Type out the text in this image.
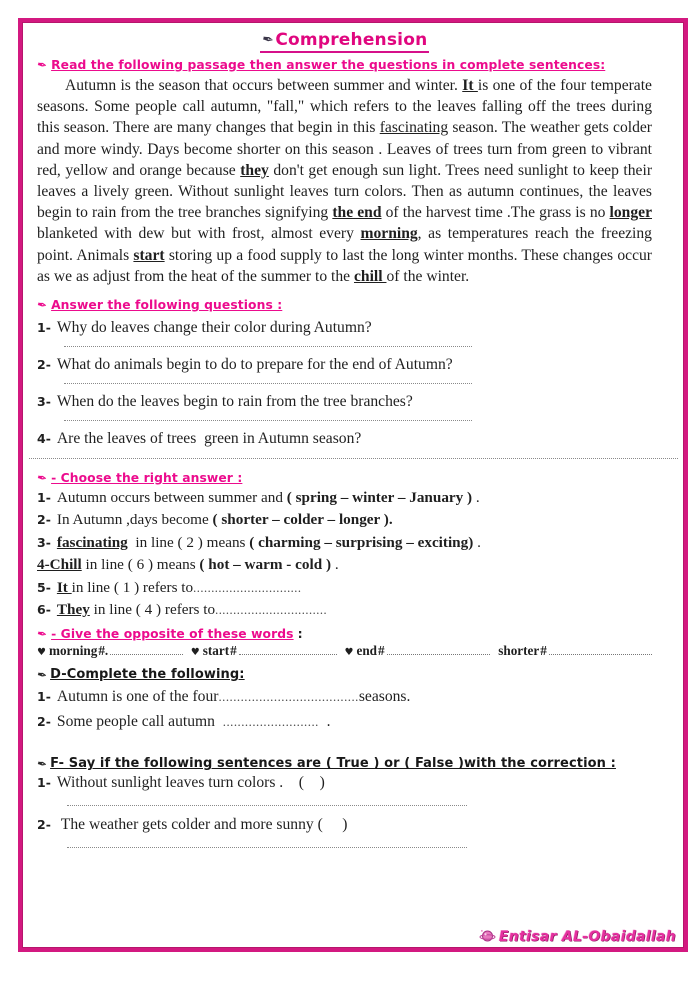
✒ Comprehension
✒ Read the following passage then answer the questions in complete sentences:

Autumn is the season that occurs between summer and winter. It is one of the four temperate seasons. Some people call autumn, "fall," which refers to the leaves falling off the trees during this season. There are many changes that begin in this fascinating season. The weather gets colder and more windy. Days become shorter on this season . Leaves of trees turn from green to vibrant red, yellow and orange because they don't get enough sun light. Trees need sunlight to keep their leaves a lively green. Without sunlight leaves turn colors. Then as autumn continues, the leaves begin to rain from the tree branches signifying the end of the harvest time .The grass is no longer blanketed with dew but with frost, almost every morning, as temperatures reach the freezing point. Animals start storing up a food supply to last the long winter months. These changes occur as we as adjust from the heat of the summer to the chill of the winter.

✒ Answer the following questions :
1- Why do leaves change their color during Autumn?
2- What do animals begin to do to prepare for the end of Autumn?
3- When do the leaves begin to rain from the tree branches?
4- Are the leaves of trees  green in Autumn season?
✒ - Choose the right answer :
1- Autumn occurs between summer and ( spring – winter – January ) .
2- In Autumn ,days become ( shorter – colder – longer ).
3- fascinating  in line ( 2 ) means ( charming – surprising – exciting) .
4-Chill in line ( 6 ) means ( hot – warm - cold ) .
5- It in line ( 1 ) refers to..............................
6- They in line ( 4 ) refers to...............................
✒ - Give the opposite of these words :
♥ morning #.	♥ start #	♥ end #	shorter #
✒ D-Complete the following:
1- Autumn is one of the four......................................seasons.
2- Some people call autumn  ..........................  .
✒ F- Say if the following sentences are ( True ) or ( False )with the correction :
1- Without sunlight leaves turn colors .    (    )
2- The weather gets colder and more sunny (     )
Entisar AL-Obaidallah
